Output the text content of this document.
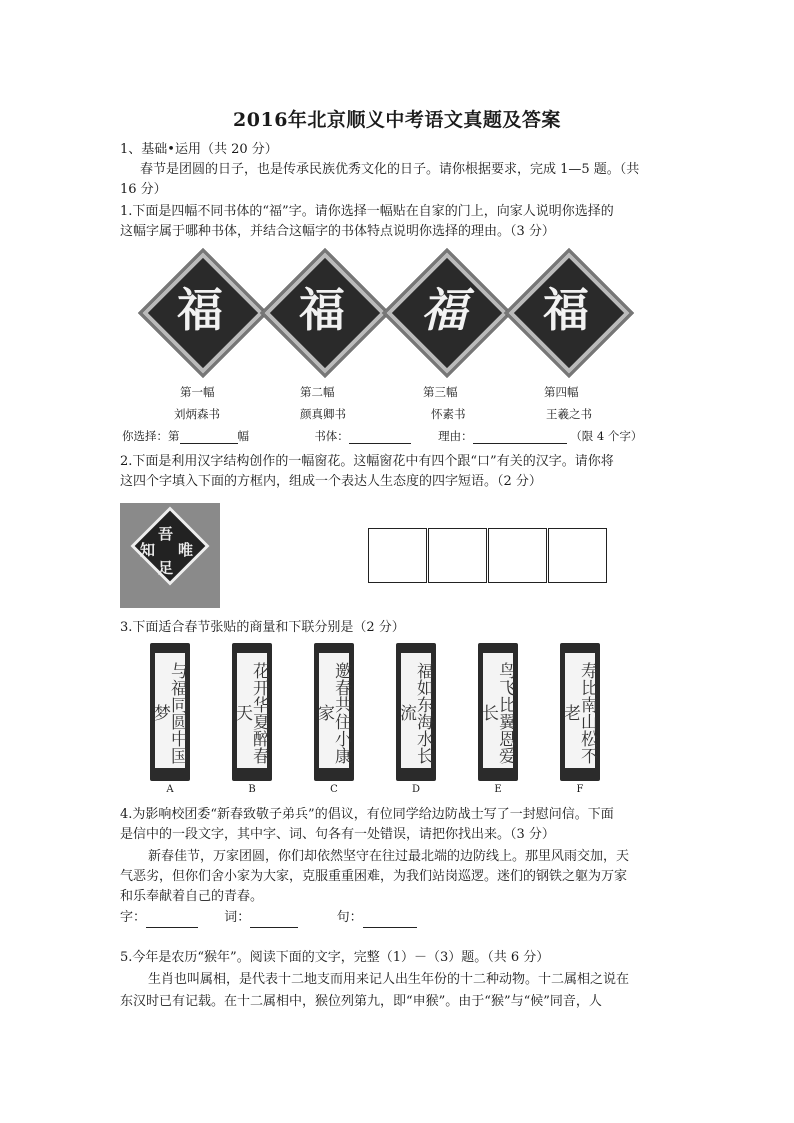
2016年北京顺义中考语文真题及答案
1、基础•运用（共 20 分）
春节是团圆的日子，也是传承民族优秀文化的日子。请你根据要求，完成 1—5 题。（共
16 分）
1.下面是四幅不同书体的“福”字。请你选择一幅贴在自家的门上，向家人说明你选择的
这幅字属于哪种书体，并结合这幅字的书体特点说明你选择的理由。（3 分）
福	福	福	福
第一幅	第二幅	第三幅	第四幅
刘炳森书	颜真卿书	怀素书	王羲之书
你选择：第	幅	书体：	理由：	（限 4 个字）
2.下面是利用汉字结构创作的一幅窗花。这幅窗花中有四个跟“口”有关的汉字。请你将
这四个字填入下面的方框内，组成一个表达人生态度的四字短语。（2 分）
吾
唯
知
足
3.下面适合春节张贴的商量和下联分别是（2 分）
与福同圆中国梦
A
花开华夏醉春天
B
邀春共住小康家
C
福如东海水长流
D
鸟飞比翼恩爱长
E
寿比南山松不老
F
4.为影响校团委“新春致敬子弟兵”的倡议，有位同学给边防战士写了一封慰问信。下面
是信中的一段文字，其中字、词、句各有一处错误，请把你找出来。（3 分）
新春佳节，万家团圆，你们却依然坚守在往过最北端的边防线上。那里风雨交加，天
气恶劣，但你们舍小家为大家，克服重重困难，为我们站岗巡逻。迷们的钢铁之躯为万家
和乐奉献着自己的青春。
字：	词：	句：
5.今年是农历“猴年”。阅读下面的文字，完整（1）－（3）题。（共 6 分）
生肖也叫属相，是代表十二地支而用来记人出生年份的十二种动物。十二属相之说在
东汉时已有记载。在十二属相中，猴位列第九，即“申猴”。由于“猴”与“候”同音，人
